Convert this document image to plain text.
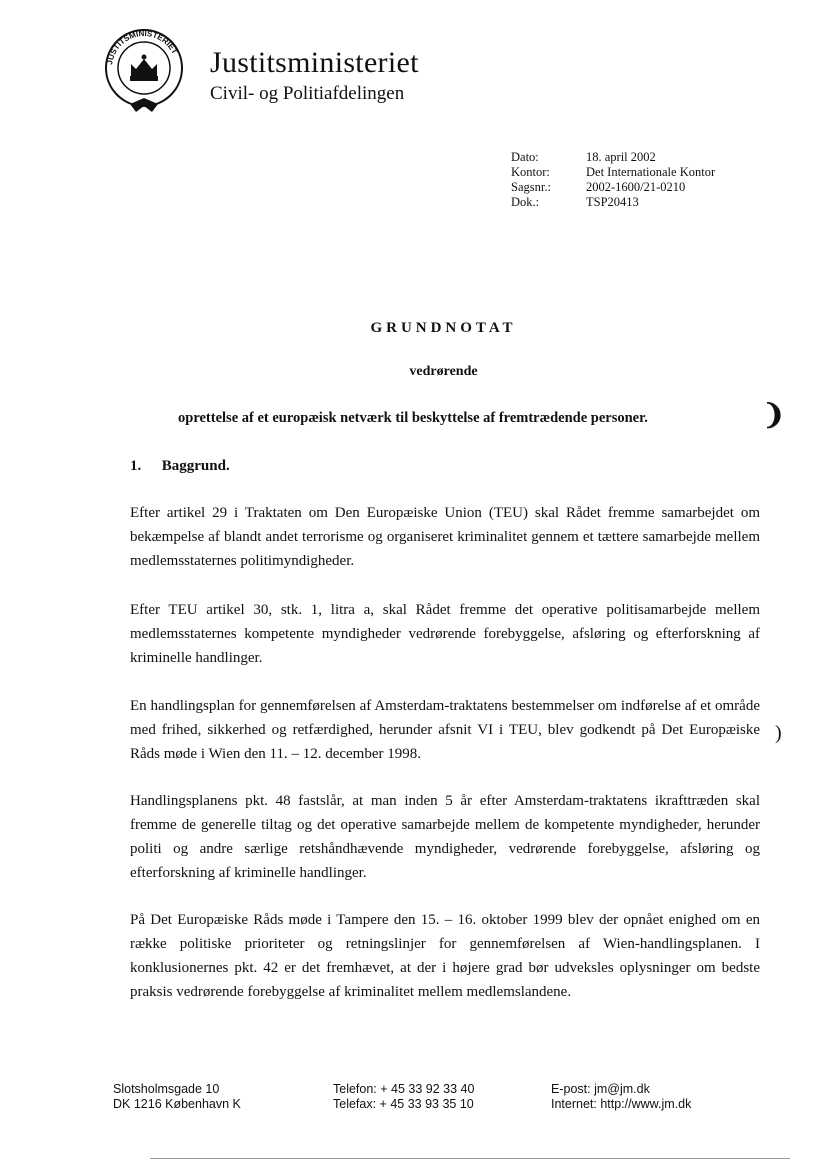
JUSTITSMINISTERIET Justitsministeriet
Civil- og Politiafdelingen
Dato:	18. april 2002
Kontor:	Det Internationale Kontor
Sagsnr.:	2002-1600/21-0210
Dok.:	TSP20413
GRUNDNOTAT
vedrørende
oprettelse af et europæisk netværk til beskyttelse af fremtrædende personer.	❩
)
1. Baggrund.
Efter artikel 29 i Traktaten om Den Europæiske Union (TEU) skal Rådet fremme samarbejdet om bekæmpelse af blandt andet terrorisme og organiseret kriminalitet gennem et tættere samarbejde mellem medlemsstaternes politimyndigheder.
Efter TEU artikel 30, stk. 1, litra a, skal Rådet fremme det operative politisamarbejde mellem medlemsstaternes kompetente myndigheder vedrørende forebyggelse, afsløring og efterforskning af kriminelle handlinger.
En handlingsplan for gennemførelsen af Amsterdam-traktatens bestemmelser om indførelse af et område med frihed, sikkerhed og retfærdighed, herunder afsnit VI i TEU, blev godkendt på Det Europæiske Råds møde i Wien den 11. – 12. december 1998.
Handlingsplanens pkt. 48 fastslår, at man inden 5 år efter Amsterdam-traktatens ikrafttræden skal fremme de generelle tiltag og det operative samarbejde mellem de kompetente myndigheder, herunder politi og andre særlige retshåndhævende myndigheder, vedrørende forebyggelse, afsløring og efterforskning af kriminelle handlinger.
På Det Europæiske Råds møde i Tampere den 15. – 16. oktober 1999 blev der opnået enighed om en række politiske prioriteter og retningslinjer for gennemførelsen af Wien-handlingsplanen. I konklusionernes pkt. 42 er det fremhævet, at der i højere grad bør udveksles oplysninger om bedste praksis vedrørende forebyggelse af kriminalitet mellem medlemslandene.
Slotsholmsgade 10
DK 1216 København K
Telefon: + 45 33 92 33 40
Telefax: + 45 33 93 35 10
E-post: jm@jm.dk
Internet: http://www.jm.dk
